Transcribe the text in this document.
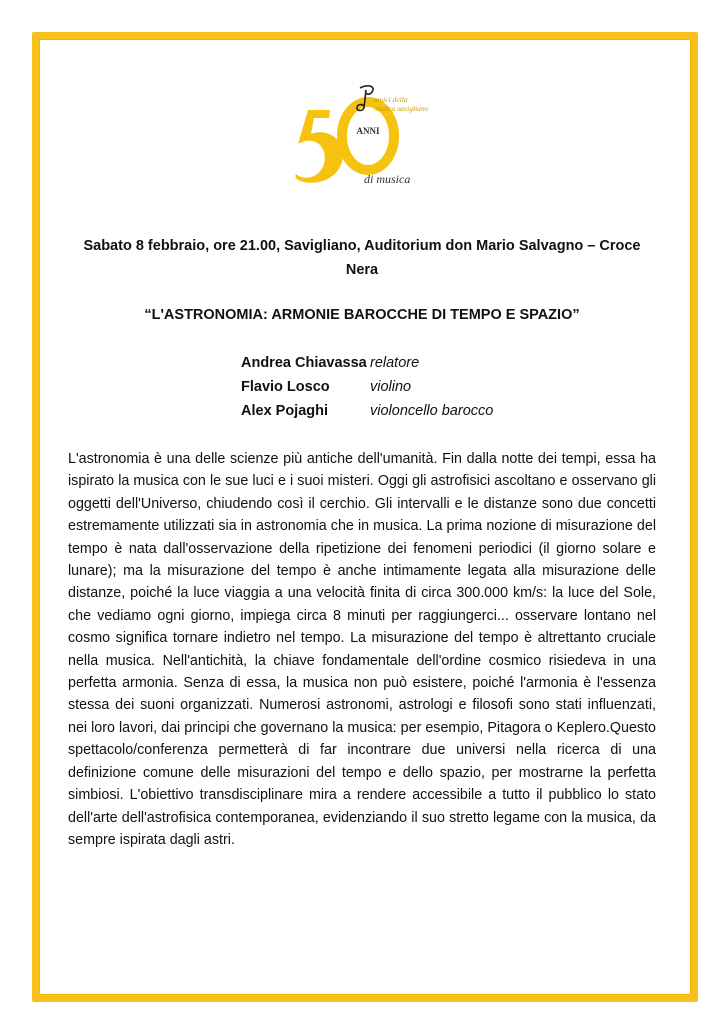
ANNI
amici della
musica savigliano
di musica
Sabato 8 febbraio, ore 21.00, Savigliano, Auditorium don Mario Salvagno – Croce Nera
“L'ASTRONOMIA: ARMONIE BAROCCHE DI TEMPO E SPAZIO”
Andrea Chiavassa relatore
Flavio Losco	violino
Alex Pojaghi	violoncello barocco

L'astronomia è una delle scienze più antiche dell'umanità. Fin dalla notte dei tempi, essa ha ispirato la musica con le sue luci e i suoi misteri. Oggi gli astrofisici ascoltano e osservano gli oggetti dell'Universo, chiudendo così il cerchio. Gli intervalli e le distanze sono due concetti estremamente utilizzati sia in astronomia che in musica. La prima nozione di misurazione del tempo è nata dall'osservazione della ripetizione dei fenomeni periodici (il giorno solare e lunare); ma la misurazione del tempo è anche intimamente legata alla misurazione delle distanze, poiché la luce viaggia a una velocità finita di circa 300.000 km/s: la luce del Sole, che vediamo ogni giorno, impiega circa 8 minuti per raggiungerci... osservare lontano nel cosmo significa tornare indietro nel tempo. La misurazione del tempo è altrettanto cruciale nella musica. Nell'antichità, la chiave fondamentale dell'ordine cosmico risiedeva in una perfetta armonia. Senza di essa, la musica non può esistere, poiché l'armonia è l'essenza stessa dei suoni organizzati. Numerosi astronomi, astrologi e filosofi sono stati influenzati, nei loro lavori, dai principi che governano la musica: per esempio, Pitagora o Keplero.Questo spettacolo/conferenza permetterà di far incontrare due universi nella ricerca di una definizione comune delle misurazioni del tempo e dello spazio, per mostrarne la perfetta simbiosi. L'obiettivo transdisciplinare mira a rendere accessibile a tutto il pubblico lo stato dell'arte dell'astrofisica contemporanea, evidenziando il suo stretto legame con la musica, da sempre ispirata dagli astri.
